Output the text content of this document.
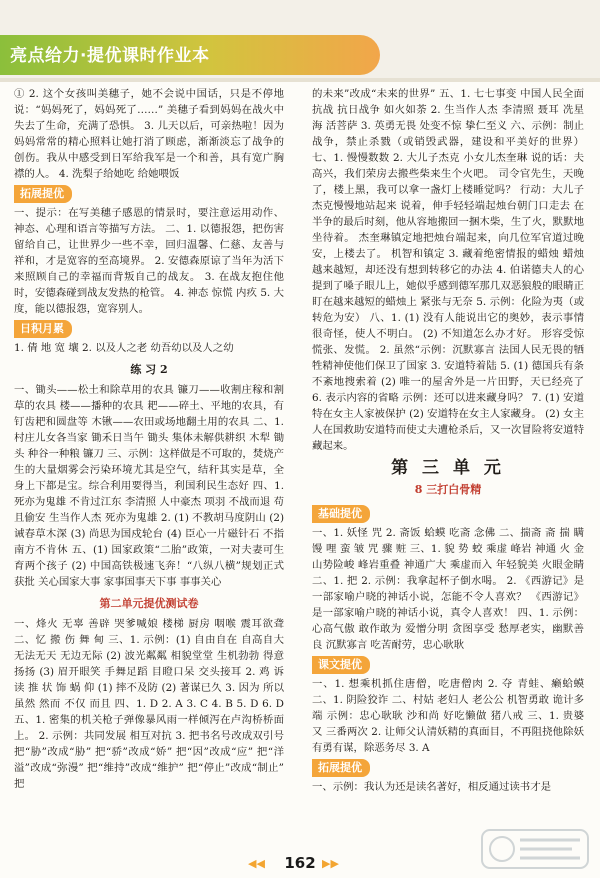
亮点给力·提优课时作业本

① 2. 这个女孩叫美穗子，她不会说中国话，只是不停地说：“妈妈死了，妈妈死了……” 美穗子看到妈妈在战火中失去了生命，充满了恐惧。 3. 儿天以后，可亲热啦！因为妈妈常常的精心照料让她打消了顾虑，渐渐淡忘了战争的创伤。我从中感受到日军给我军是一个和善，具有宽广胸襟的人。 4. 洗梨子给她吃 给她喂饭

拓展提优

一、提示：在写美穗子感恩的情景时，要注意运用动作、神态、心理和语言等描写方法。 二、1. 以德报怨，把伤害留给自己，让世界少一些不幸，回归温馨、仁慈、友善与祥和，才是宽容的至高境界。 2. 安德森原谅了当年为活下来照顾自己的幸福而背叛自己的战友。 3. 在战友抱住他时，安德森碰到战友发热的枪管。 4. 神态 惊慌 内疚 5. 大度，能以德报怨，宽容别人。

日积月累

1. 倩 地 宽 壤 2. 以及人之老 幼吾幼以及人之幼

练 习 2

一、锄头——松土和除草用的农具 镰刀——收割庄稼和割草的农具 楼——播种的农具 耙——碎土、平地的农具，有钉齿耙和圆盘等 木锹——农田或场地翻土用的农具 二、1. 村庄儿女各当家 锄禾日当午 锄头 集体未解供耕织 木犁 锄头 种谷一种粮 镰刀 三、示例：这样做是不可取的，焚烧产生的大量烟雾会污染环境尤其是空气，结秆其实是草，全身上下都是宝。综合利用要得当，利国利民生态好 四、1. 死亦为鬼雄 不肯过江东 李清照 人中豪杰 项羽 不战而退 苟且偷安 生当作人杰 死亦为鬼雄 2. (1) 不教胡马度阴山 (2) 诫春草木深 (3) 尚思为国戍轮台 (4) 臣心一片磁针石 不指南方不肯休 五、(1) 国家政策“二胎”政策，一对夫妻可生育两个孩子 (2) 中国高铁极速飞奔！“八纵八横”规划正式获批 关心国家大事 家事国事天下事 事事关心

第二单元提优测试卷

一、烽火 无辜 善辟 哭爹喊娘 楼梯 厨房 咽喉 震耳欲聋 二、忆 搬 伤 舞 甸 三、1. 示例：(1) 自由自在 自高自大 无法无天 无边无际 (2) 波光粼粼 相貌堂堂 生机勃勃 得意扬扬 (3) 眉开眼笑 手舞足蹈 目瞪口呆 交头接耳 2. 鸡 诉 读 推 状 饰 蜗 仰 (1) 摔不及防 (2) 著谋已久 3. 因为 所以 虽然 然而 不仅 而且 四、1. D 2. A 3. C 4. B 5. D 6. D 五、1. 密集的机关枪子弹像暴风雨一样倾泻在卢沟桥桥面上。 2. 示例：共同发展 相互对抗 3. 把书名号改成双引号 把“胁”改成“胁” 把“骄”改成“娇” 把“因”改成“应” 把“洋溢”改成“弥漫” 把“维持”改成“维护” 把“停止”改成“制止” 把

的未来”改成“未来的世界” 五、1. 七七事变 中国人民全面抗战 抗日战争 如火如荼 2. 生当作人杰 李清照 聂耳 冼星海 活菩萨 3. 英勇无畏 处变不惊 挚仁至义 六、示例：制止战争，禁止杀戮（或销毁武器，建设和平美好的世界） 七、1. 慢慢数数 2. 大儿子杰克 小女儿杰奎琳 说的话：夫高兴，我们荣房去搬些柴来生个火吧。 司令官先生，天晚了，楼上黑，我可以拿一盏灯上楼睡觉吗？ 行动：大儿子杰克慢慢地站起来 说着，伸手轻轻端起烛台朝门口走去 在半争的最后时刻，他从容地搬回一捆木柴，生了火，默默地坐待着。 杰奎琳镇定地把烛台端起来，向几位军官道过晚安，上楼去了。 机智和镇定 3. 藏着绝密情报的蜡烛 蜡烛越来越短，却还没有想到转移它的办法 4. 伯诺德夫人的心提到了嗓子眼儿上，她似乎感到德军那几双恶狼般的眼睛正盯在越来越短的蜡烛上 紧张与无奈 5. 示例：化险为夷（或转危为安） 八、1. (1) 没有人能说出它的奥妙，表示事情很奇怪，使人不明白。 (2) 不知道怎么办才好。 形容受惊慌张、发慌。 2. 虽然“示例：沉默寡言 法国人民无畏的牺牲精神使他们保卫了国家 3. 安道特着陆 5. (1) 德国兵有条不紊地搜索着 (2) 唯一的屋舍外是一片田野，天已经亮了 6. 表示内容的省略 示例：还可以进来藏身吗？ 7. (1) 安道特在女主人家被保护 (2) 安道特在女主人家藏身。 (2) 女主人在国救助安道特而使丈夫遭枪杀后，又一次冒险将安道特藏起来。

第 三 单 元
8 三打白骨精
基础提优

一、1. 妖怪 咒 2. 斋饭 蛤蟆 吃斋 念佛 二、揣斋 斋 揣 瞒 馒 哩 蛮 皱 咒 骤 赃 三、1. 貌 势 蛟 乘虚 峰岩 神通 火 金 山势险峻 峰岩重叠 神通广大 乘虚而入 年轻貌美 火眼金睛 二、1. 把 2. 示例：我拿起杯子倒水喝。 2. 《西游记》是一部家喻户晓的神话小说，怎能不令人喜欢？ 《西游记》是一部家喻户晓的神话小说，真令人喜欢！ 四、1. 示例：心高气傲 敢作敢为 爱憎分明 贪图享受 愁厚老实，幽默善良 沉默寡言 吃苦耐劳，忠心耿耿

课文提优

一、1. 想乘机抓住唐僧，吃唐僧肉 2. 夺 青蛙、癞蛤蟆 二、1. 阴险狡诈 二、村姑 老妇人 老公公 机智勇敢 诡计多端 示例：忠心耿耿 沙和尚 好吃懒做 猪八戒 三、1. 贵婆 又 三番两次 2. 让师父认清妖精的真面目，不再阻挠他除妖 有勇有谋，除恶务尽 3. A

拓展提优

一、示例：我认为还是读名著好，相反通过读书才是

◀◀	162 ▶▶
